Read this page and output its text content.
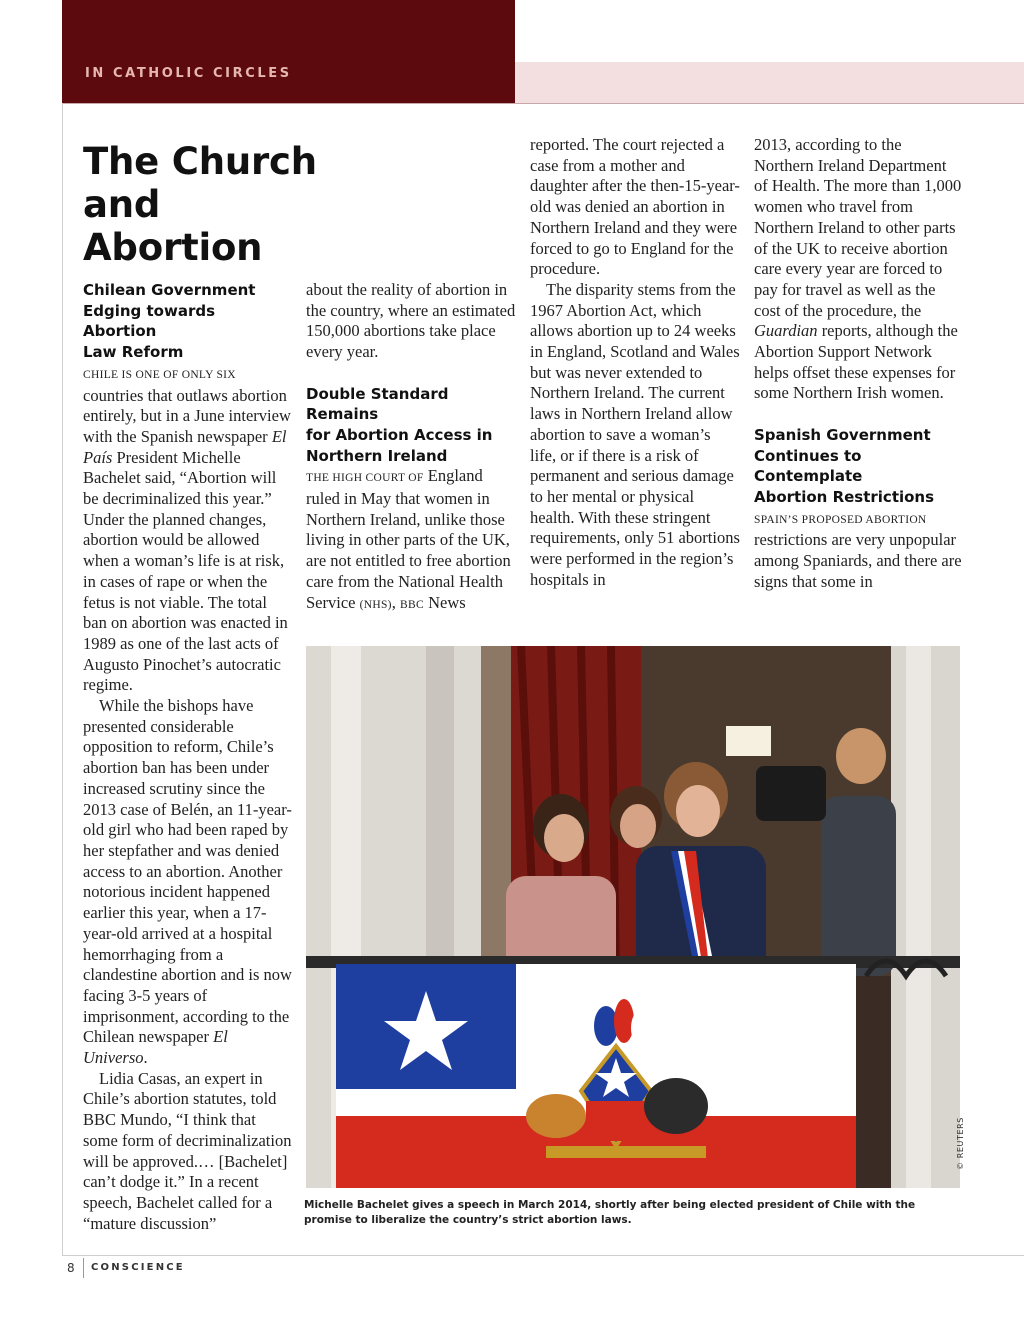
IN CATHOLIC CIRCLES
The Church
and Abortion
Chilean Government
Edging towards Abortion
Law Reform

CHILE IS ONE OF ONLY SIX countries that outlaws abortion entirely, but in a June interview with the Spanish newspaper El País President Michelle Bachelet said, “Abortion will be decriminalized this year.” Under the planned changes, abortion would be allowed when a woman’s life is at risk, in cases of rape or when the fetus is not viable. The total ban on abortion was enacted in 1989 as one of the last acts of Augusto Pinochet’s autocratic regime.

While the bishops have presented considerable opposition to reform, Chile’s abortion ban has been under increased scrutiny since the 2013 case of Belén, an 11-year-old girl who had been raped by her stepfather and was denied access to an abortion. Another notorious incident happened earlier this year, when a 17-year-old arrived at a hospital hemorrhaging from a clandestine abortion and is now facing 3-5 years of imprisonment, according to the Chilean newspaper El Universo.

Lidia Casas, an expert in Chile’s abortion statutes, told BBC Mundo, “I think that some form of decriminalization will be approved.… [Bachelet] can’t dodge it.” In a recent speech, Bachelet called for a “mature discussion”

about the reality of abortion in the country, where an estimated 150,000 abortions take place every year.

Double Standard Remains
for Abortion Access in
Northern Ireland

THE HIGH COURT OF England ruled in May that women in Northern Ireland, unlike those living in other parts of the UK, are not entitled to free abortion care from the National Health Service (NHS), BBC News

reported. The court rejected a case from a mother and daughter after the then-15-year-old was denied an abortion in Northern Ireland and they were forced to go to England for the procedure.

The disparity stems from the 1967 Abortion Act, which allows abortion up to 24 weeks in England, Scotland and Wales but was never extended to Northern Ireland. The current laws in Northern Ireland allow abortion to save a woman’s life, or if there is a risk of permanent and serious damage to her mental or physical health. With these stringent requirements, only 51 abortions were performed in the region’s hospitals in

2013, according to the Northern Ireland Department of Health. The more than 1,000 women who travel from Northern Ireland to other parts of the UK to receive abortion care every year are forced to pay for travel as well as the cost of the procedure, the Guardian reports, although the Abortion Support Network helps offset these expenses for some Northern Irish women.

Spanish Government
Continues to Contemplate
Abortion Restrictions

SPAIN’S PROPOSED ABORTION restrictions are very unpopular among Spaniards, and there are signs that some in

© REUTERS
Michelle Bachelet gives a speech in March 2014, shortly after being elected president of Chile with the promise to liberalize the country’s strict abortion laws.
8 CONSCIENCE
